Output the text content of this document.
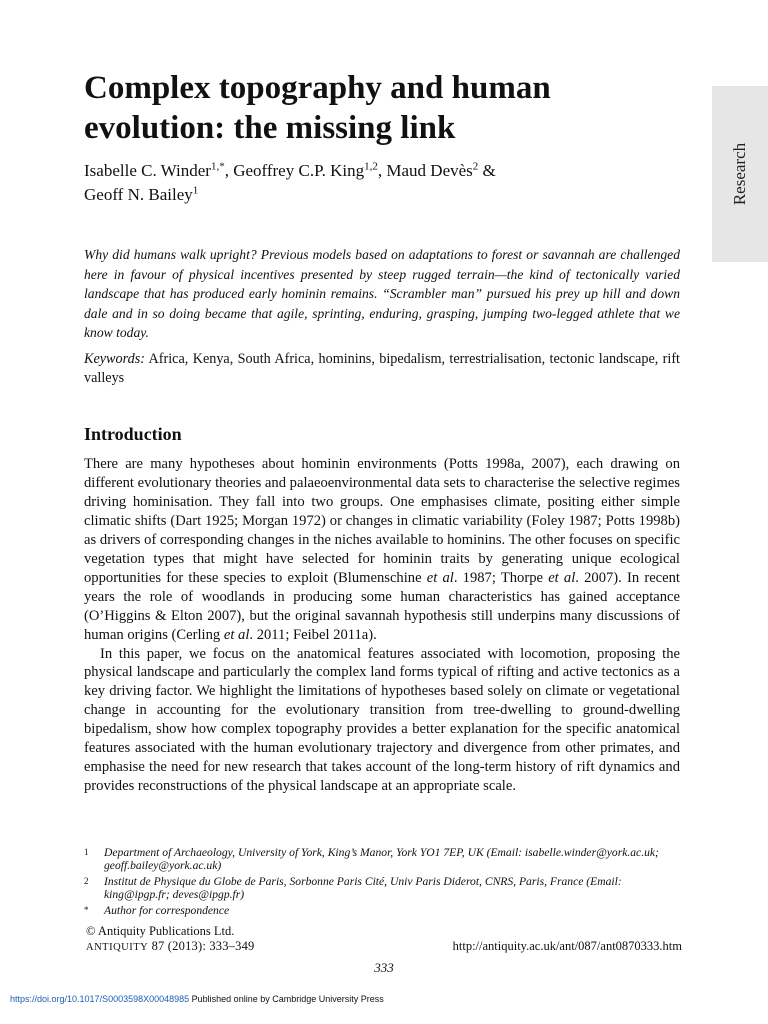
Research
Complex topography and human evolution: the missing link

Isabelle C. Winder$^{1,*}$, Geoffrey C.P. King$^{1,2}$, Maud Devès$^2$ &
Geoff N. Bailey$^1$

Why did humans walk upright? Previous models based on adaptations to forest or savannah are challenged here in favour of physical incentives presented by steep rugged terrain—the kind of tectonically varied landscape that has produced early hominin remains. “Scrambler man” pursued his prey up hill and down dale and in so doing became that agile, sprinting, enduring, grasping, jumping two-legged athlete that we know today.

Keywords: Africa, Kenya, South Africa, hominins, bipedalism, terrestrialisation, tectonic landscape, rift valleys

Introduction

There are many hypotheses about hominin environments (Potts 1998a, 2007), each drawing on different evolutionary theories and palaeoenvironmental data sets to characterise the selective regimes driving hominisation. They fall into two groups. One emphasises climate, positing either simple climatic shifts (Dart 1925; Morgan 1972) or changes in climatic variability (Foley 1987; Potts 1998b) as drivers of corresponding changes in the niches available to hominins. The other focuses on specific vegetation types that might have selected for hominin traits by generating unique ecological opportunities for these species to exploit (Blumenschine et al. 1987; Thorpe et al. 2007). In recent years the role of woodlands in producing some human characteristics has gained acceptance (O’Higgins & Elton 2007), but the original savannah hypothesis still underpins many discussions of human origins (Cerling et al. 2011; Feibel 2011a).

In this paper, we focus on the anatomical features associated with locomotion, proposing the physical landscape and particularly the complex land forms typical of rifting and active tectonics as a key driving factor. We highlight the limitations of hypotheses based solely on climate or vegetational change in accounting for the evolutionary transition from tree-dwelling to ground-dwelling bipedalism, show how complex topography provides a better explanation for the specific anatomical features associated with the human evolutionary trajectory and divergence from other primates, and emphasise the need for new research that takes account of the long-term history of rift dynamics and provides reconstructions of the physical landscape at an appropriate scale.

1	Department of Archaeology, University of York, King’s Manor, York YO1 7EP, UK (Email: isabelle.winder@york.ac.uk; geoff.bailey@york.ac.uk)
2	Institut de Physique du Globe de Paris, Sorbonne Paris Cité, Univ Paris Diderot, CNRS, Paris, France (Email: king@ipgp.fr; deves@ipgp.fr)
*	Author for correspondence
© Antiquity Publications Ltd.
ANTIQUITY 87 (2013): 333–349	http://antiquity.ac.uk/ant/087/ant0870333.htm
333
https://doi.org/10.1017/S0003598X00048985 Published online by Cambridge University Press
